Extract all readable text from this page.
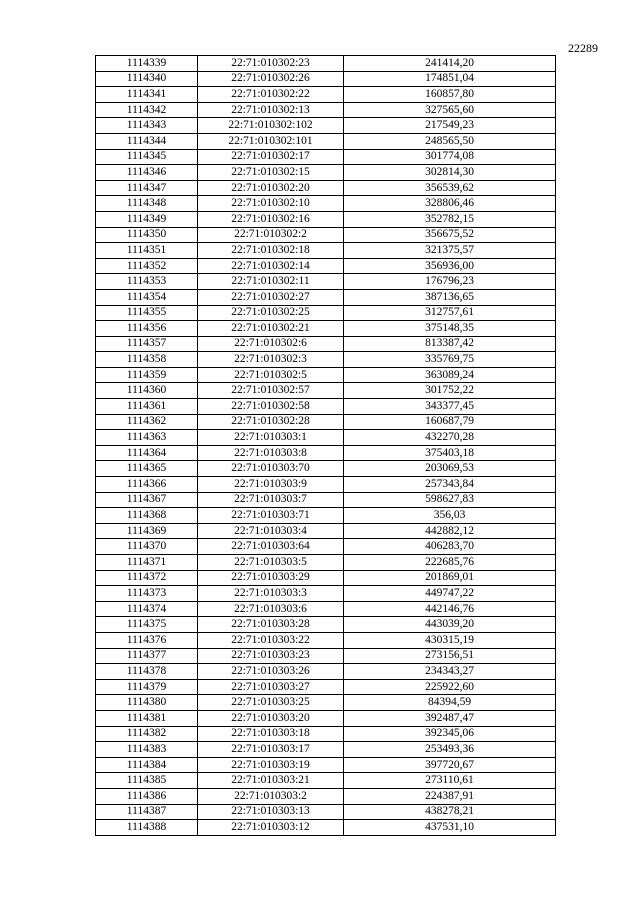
22289
1114339	22:71:010302:23	241414,20
1114340	22:71:010302:26	174851,04
1114341	22:71:010302:22	160857,80
1114342	22:71:010302:13	327565,60
1114343	22:71:010302:102	217549,23
1114344	22:71:010302:101	248565,50
1114345	22:71:010302:17	301774,08
1114346	22:71:010302:15	302814,30
1114347	22:71:010302:20	356539,62
1114348	22:71:010302:10	328806,46
1114349	22:71:010302:16	352782,15
1114350	22:71:010302:2	356675,52
1114351	22:71:010302:18	321375,57
1114352	22:71:010302:14	356936,00
1114353	22:71:010302:11	176796,23
1114354	22:71:010302:27	387136,65
1114355	22:71:010302:25	312757,61
1114356	22:71:010302:21	375148,35
1114357	22:71:010302:6	813387,42
1114358	22:71:010302:3	335769,75
1114359	22:71:010302:5	363089,24
1114360	22:71:010302:57	301752,22
1114361	22:71:010302:58	343377,45
1114362	22:71:010302:28	160687,79
1114363	22:71:010303:1	432270,28
1114364	22:71:010303:8	375403,18
1114365	22:71:010303:70	203069,53
1114366	22:71:010303:9	257343,84
1114367	22:71:010303:7	598627,83
1114368	22:71:010303:71	356,03
1114369	22:71:010303:4	442882,12
1114370	22:71:010303:64	406283,70
1114371	22:71:010303:5	222685,76
1114372	22:71:010303:29	201869,01
1114373	22:71:010303:3	449747,22
1114374	22:71:010303:6	442146,76
1114375	22:71:010303:28	443039,20
1114376	22:71:010303:22	430315,19
1114377	22:71:010303:23	273156,51
1114378	22:71:010303:26	234343,27
1114379	22:71:010303:27	225922,60
1114380	22:71:010303:25	84394,59
1114381	22:71:010303:20	392487,47
1114382	22:71:010303:18	392345,06
1114383	22:71:010303:17	253493,36
1114384	22:71:010303:19	397720,67
1114385	22:71:010303:21	273110,61
1114386	22:71:010303:2	224387,91
1114387	22:71:010303:13	438278,21
1114388	22:71:010303:12	437531,10
